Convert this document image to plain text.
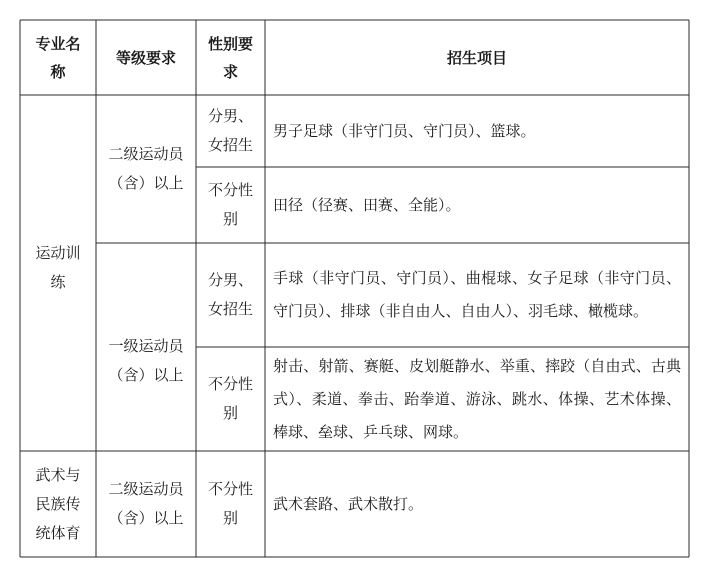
专业名称
等级要求
性别要求
招生项目
运动训练
武术与民族传统体育
二级运动员（含）以上
一级运动员（含）以上
二级运动员（含）以上
分男、女招生
不分性别
分男、女招生
不分性别
不分性别
男子足球（非守门员、守门员）、篮球。
田径（径赛、田赛、全能）。
手球（非守门员、守门员）、曲棍球、女子足球（非守门员、守门员）、排球（非自由人、自由人）、羽毛球、橄榄球。
射击、射箭、赛艇、皮划艇静水、举重、摔跤（自由式、古典式）、柔道、拳击、跆拳道、游泳、跳水、体操、艺术体操、棒球、垒球、乒乓球、网球。
武术套路、武术散打。
